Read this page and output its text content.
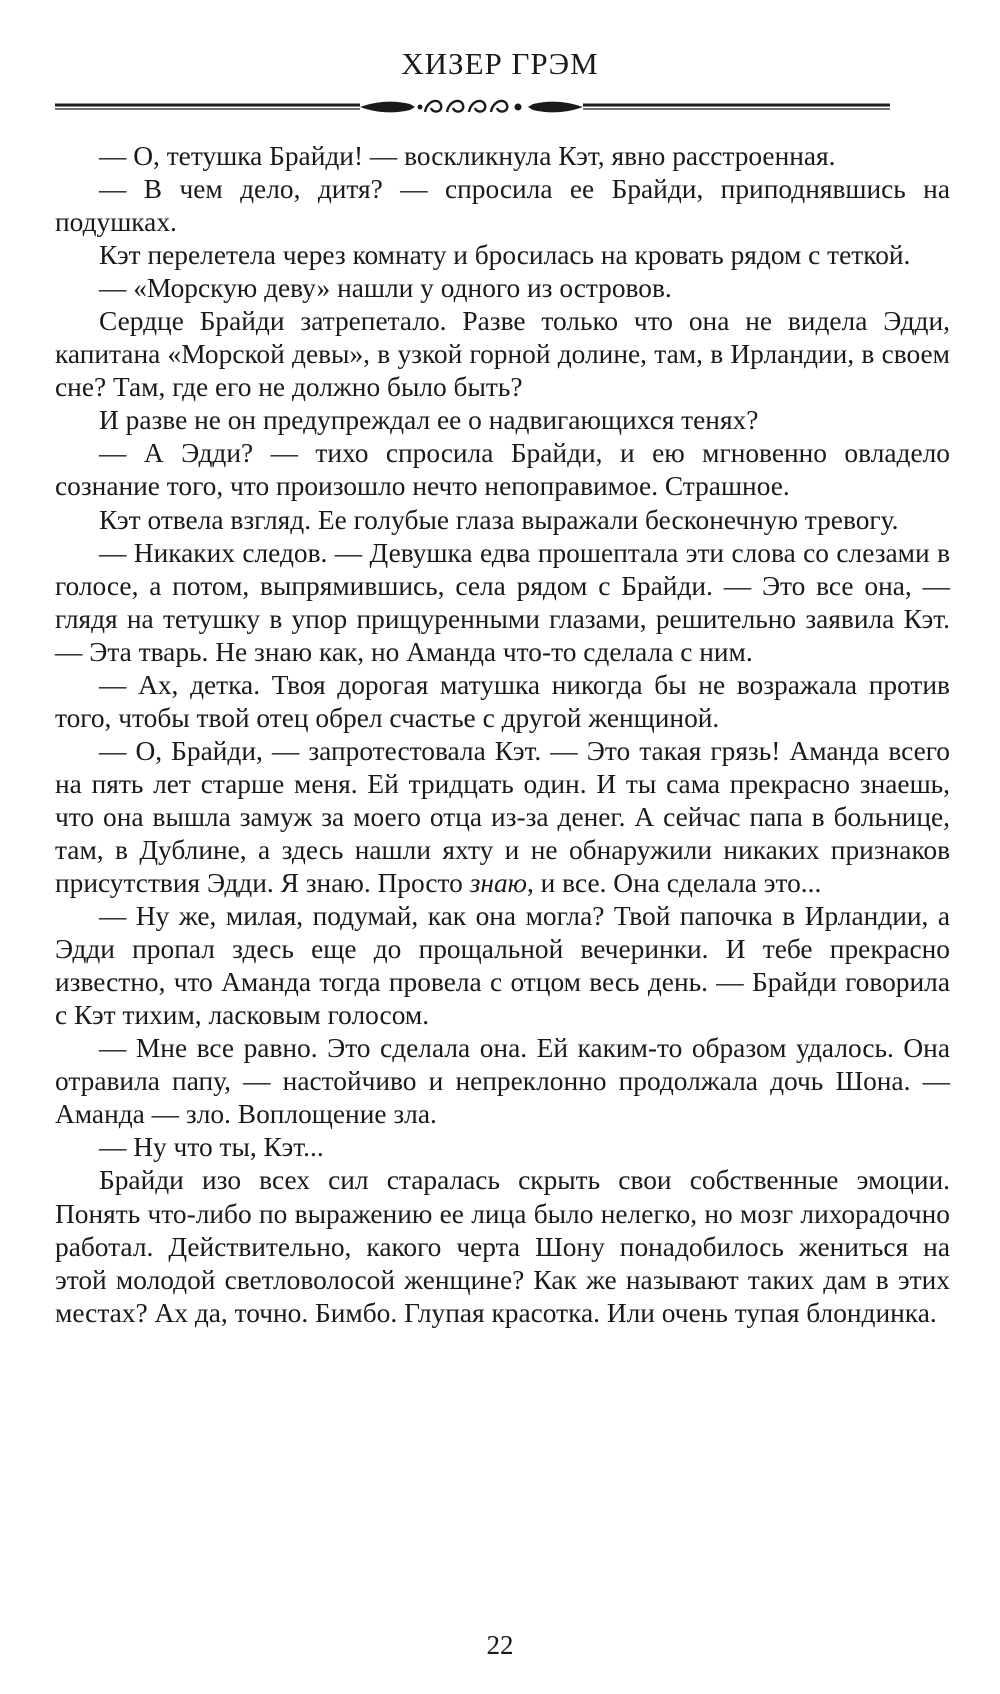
ХИЗЕР ГРЭМ

— О, тетушка Брайди! — воскликнула Кэт, явно расстроенная.

— В чем дело, дитя? — спросила ее Брайди, приподнявшись на подушках.

Кэт перелетела через комнату и бросилась на кровать рядом с теткой.

— «Морскую деву» нашли у одного из островов.

Сердце Брайди затрепетало. Разве только что она не видела Эдди, капитана «Морской девы», в узкой горной долине, там, в Ирландии, в своем сне? Там, где его не должно было быть?

И разве не он предупреждал ее о надвигающихся тенях?

— А Эдди? — тихо спросила Брайди, и ею мгновенно овладело сознание того, что произошло нечто непоправимое. Страшное.

Кэт отвела взгляд. Ее голубые глаза выражали бесконечную тревогу.

— Никаких следов. — Девушка едва прошептала эти слова со слезами в голосе, а потом, выпрямившись, села рядом с Брайди. — Это все она, — глядя на тетушку в упор прищуренными глазами, решительно заявила Кэт. — Эта тварь. Не знаю как, но Аманда что-то сделала с ним.

— Ах, детка. Твоя дорогая матушка никогда бы не возражала против того, чтобы твой отец обрел счастье с другой женщиной.

— О, Брайди, — запротестовала Кэт. — Это такая грязь! Аманда всего на пять лет старше меня. Ей тридцать один. И ты сама прекрасно знаешь, что она вышла замуж за моего отца из-за денег. А сейчас папа в больнице, там, в Дублине, а здесь нашли яхту и не обнаружили никаких признаков присутствия Эдди. Я знаю. Просто знаю, и все. Она сделала это...

— Ну же, милая, подумай, как она могла? Твой папочка в Ирландии, а Эдди пропал здесь еще до прощальной вечеринки. И тебе прекрасно известно, что Аманда тогда провела с отцом весь день. — Брайди говорила с Кэт тихим, ласковым голосом.

— Мне все равно. Это сделала она. Ей каким-то образом удалось. Она отравила папу, — настойчиво и непреклонно продолжала дочь Шона. — Аманда — зло. Воплощение зла.

— Ну что ты, Кэт...

Брайди изо всех сил старалась скрыть свои собственные эмоции. Понять что-либо по выражению ее лица было нелегко, но мозг лихорадочно работал. Действительно, какого черта Шону понадобилось жениться на этой молодой светловолосой женщине? Как же называют таких дам в этих местах? Ах да, точно. Бимбо. Глупая красотка. Или очень тупая блондинка.

22
